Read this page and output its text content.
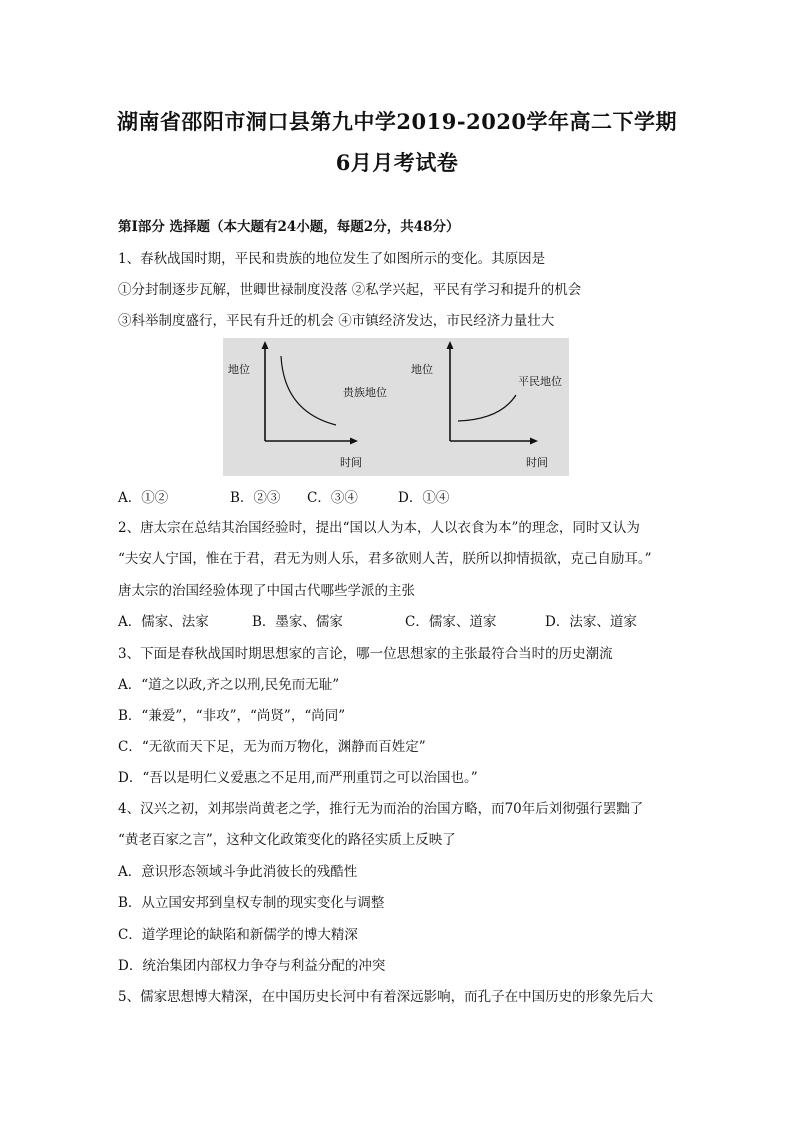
湖南省邵阳市洞口县第九中学2019-2020学年高二下学期
6月月考试卷
第Ⅰ部分 选择题（本大题有24小题，每题2分，共48分）
1、春秋战国时期，平民和贵族的地位发生了如图所示的变化。其原因是
①分封制逐步瓦解，世卿世禄制度没落 ②私学兴起，平民有学习和提升的机会
③科举制度盛行，平民有升迁的机会 ④市镇经济发达，市民经济力量壮大
地位
时间
贵族地位
地位
时间
平民地位
A．①②	B．②③ C．③④	D．①④
2、唐太宗在总结其治国经验时，提出“国以人为本，人以衣食为本”的理念，同时又认为
“夫安人宁国，惟在于君，君无为则人乐，君多欲则人苦，朕所以抑情损欲，克己自励耳。”
唐太宗的治国经验体现了中国古代哪些学派的主张
A．儒家、法家	B．墨家、儒家	C．儒家、道家	D．法家、道家
3、下面是春秋战国时期思想家的言论，哪一位思想家的主张最符合当时的历史潮流
A．“道之以政,齐之以刑,民免而无耻”
B．“兼爱”，“非攻”，“尚贤”，“尚同”
C．“无欲而天下足，无为而万物化，渊静而百姓定”
D．“吾以是明仁义爱惠之不足用,而严刑重罚之可以治国也。”
4、汉兴之初，刘邦崇尚黄老之学，推行无为而治的治国方略，而70年后刘彻强行罢黜了
“黄老百家之言”，这种文化政策变化的路径实质上反映了
A．意识形态领域斗争此消彼长的残酷性
B．从立国安邦到皇权专制的现实变化与调整
C．道学理论的缺陷和新儒学的博大精深
D．统治集团内部权力争夺与利益分配的冲突
5、儒家思想博大精深，在中国历史长河中有着深远影响，而孔子在中国历史的形象先后大
